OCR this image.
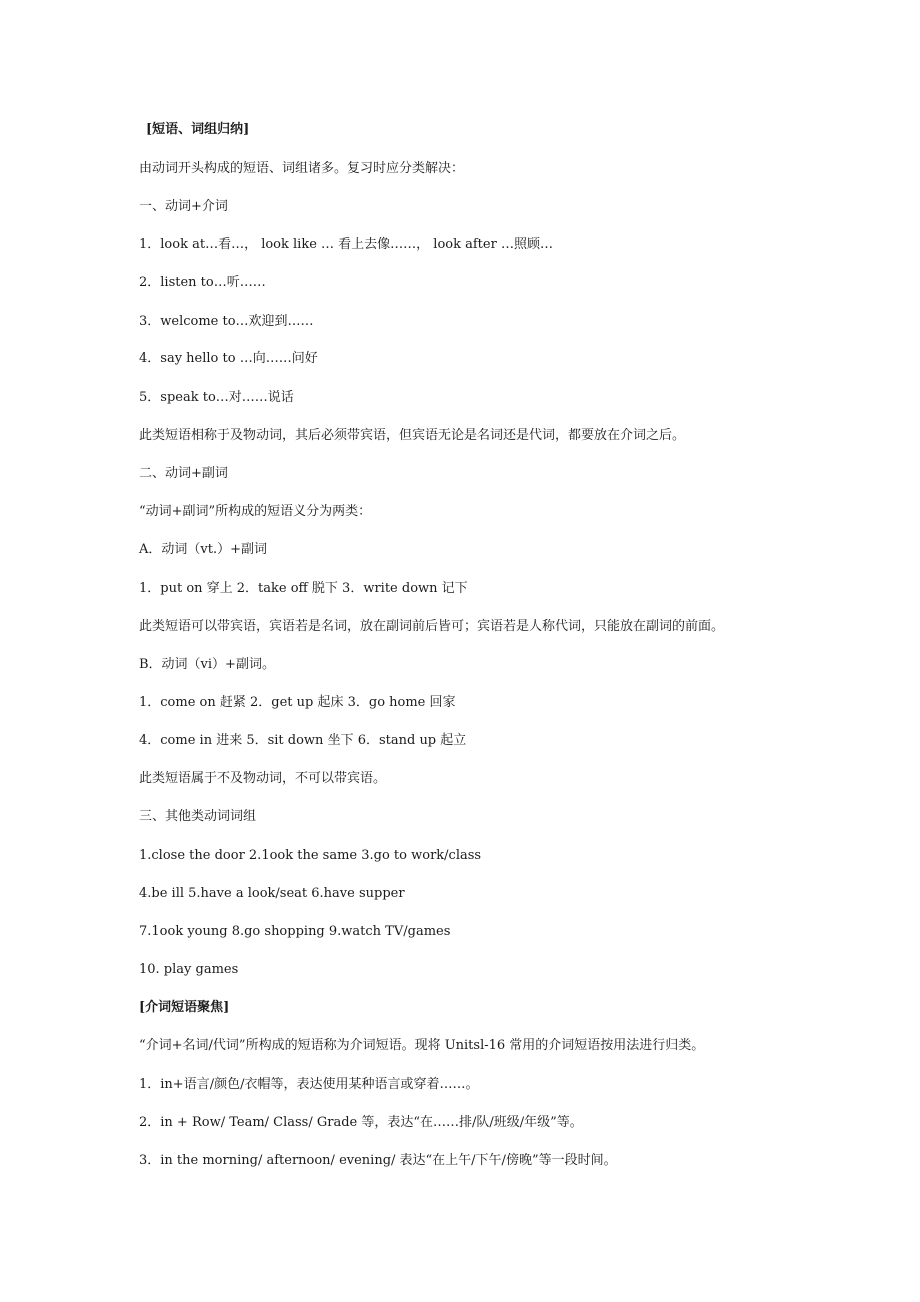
[短语、词组归纳]
由动词开头构成的短语、词组诸多。复习时应分类解决：
一、动词+介词
1．look at…看…， look like … 看上去像……， look after …照顾…
2．listen to…听……
3．welcome to…欢迎到……
4．say hello to …向……问好
5．speak to…对……说话
此类短语相称于及物动词，其后必须带宾语，但宾语无论是名词还是代词，都要放在介词之后。
二、动词+副词
“动词+副词”所构成的短语义分为两类：
A．动词（vt.）+副词
1．put on 穿上 2．take off 脱下 3．write down 记下
此类短语可以带宾语，宾语若是名词，放在副词前后皆可；宾语若是人称代词，只能放在副词的前面。
B．动词（vi）+副词。
1．come on 赶紧 2．get up 起床 3．go home 回家
4．come in 进来 5．sit down 坐下 6．stand up 起立
此类短语属于不及物动词，不可以带宾语。
三、其他类动词词组
1.close the door 2.1ook the same 3.go to work/class
4.be ill 5.have a look/seat 6.have supper
7.1ook young 8.go shopping 9.watch TV/games
10. play games
[介词短语聚焦]
“介词+名词/代词”所构成的短语称为介词短语。现将 Unitsl-16 常用的介词短语按用法进行归类。
1．in+语言/颜色/衣帽等，表达使用某种语言或穿着……。
2．in + Row/ Team/ Class/ Grade 等，表达“在……排/队/班级/年级”等。
3．in the morning/ afternoon/ evening/ 表达“在上午/下午/傍晚”等一段时间。
